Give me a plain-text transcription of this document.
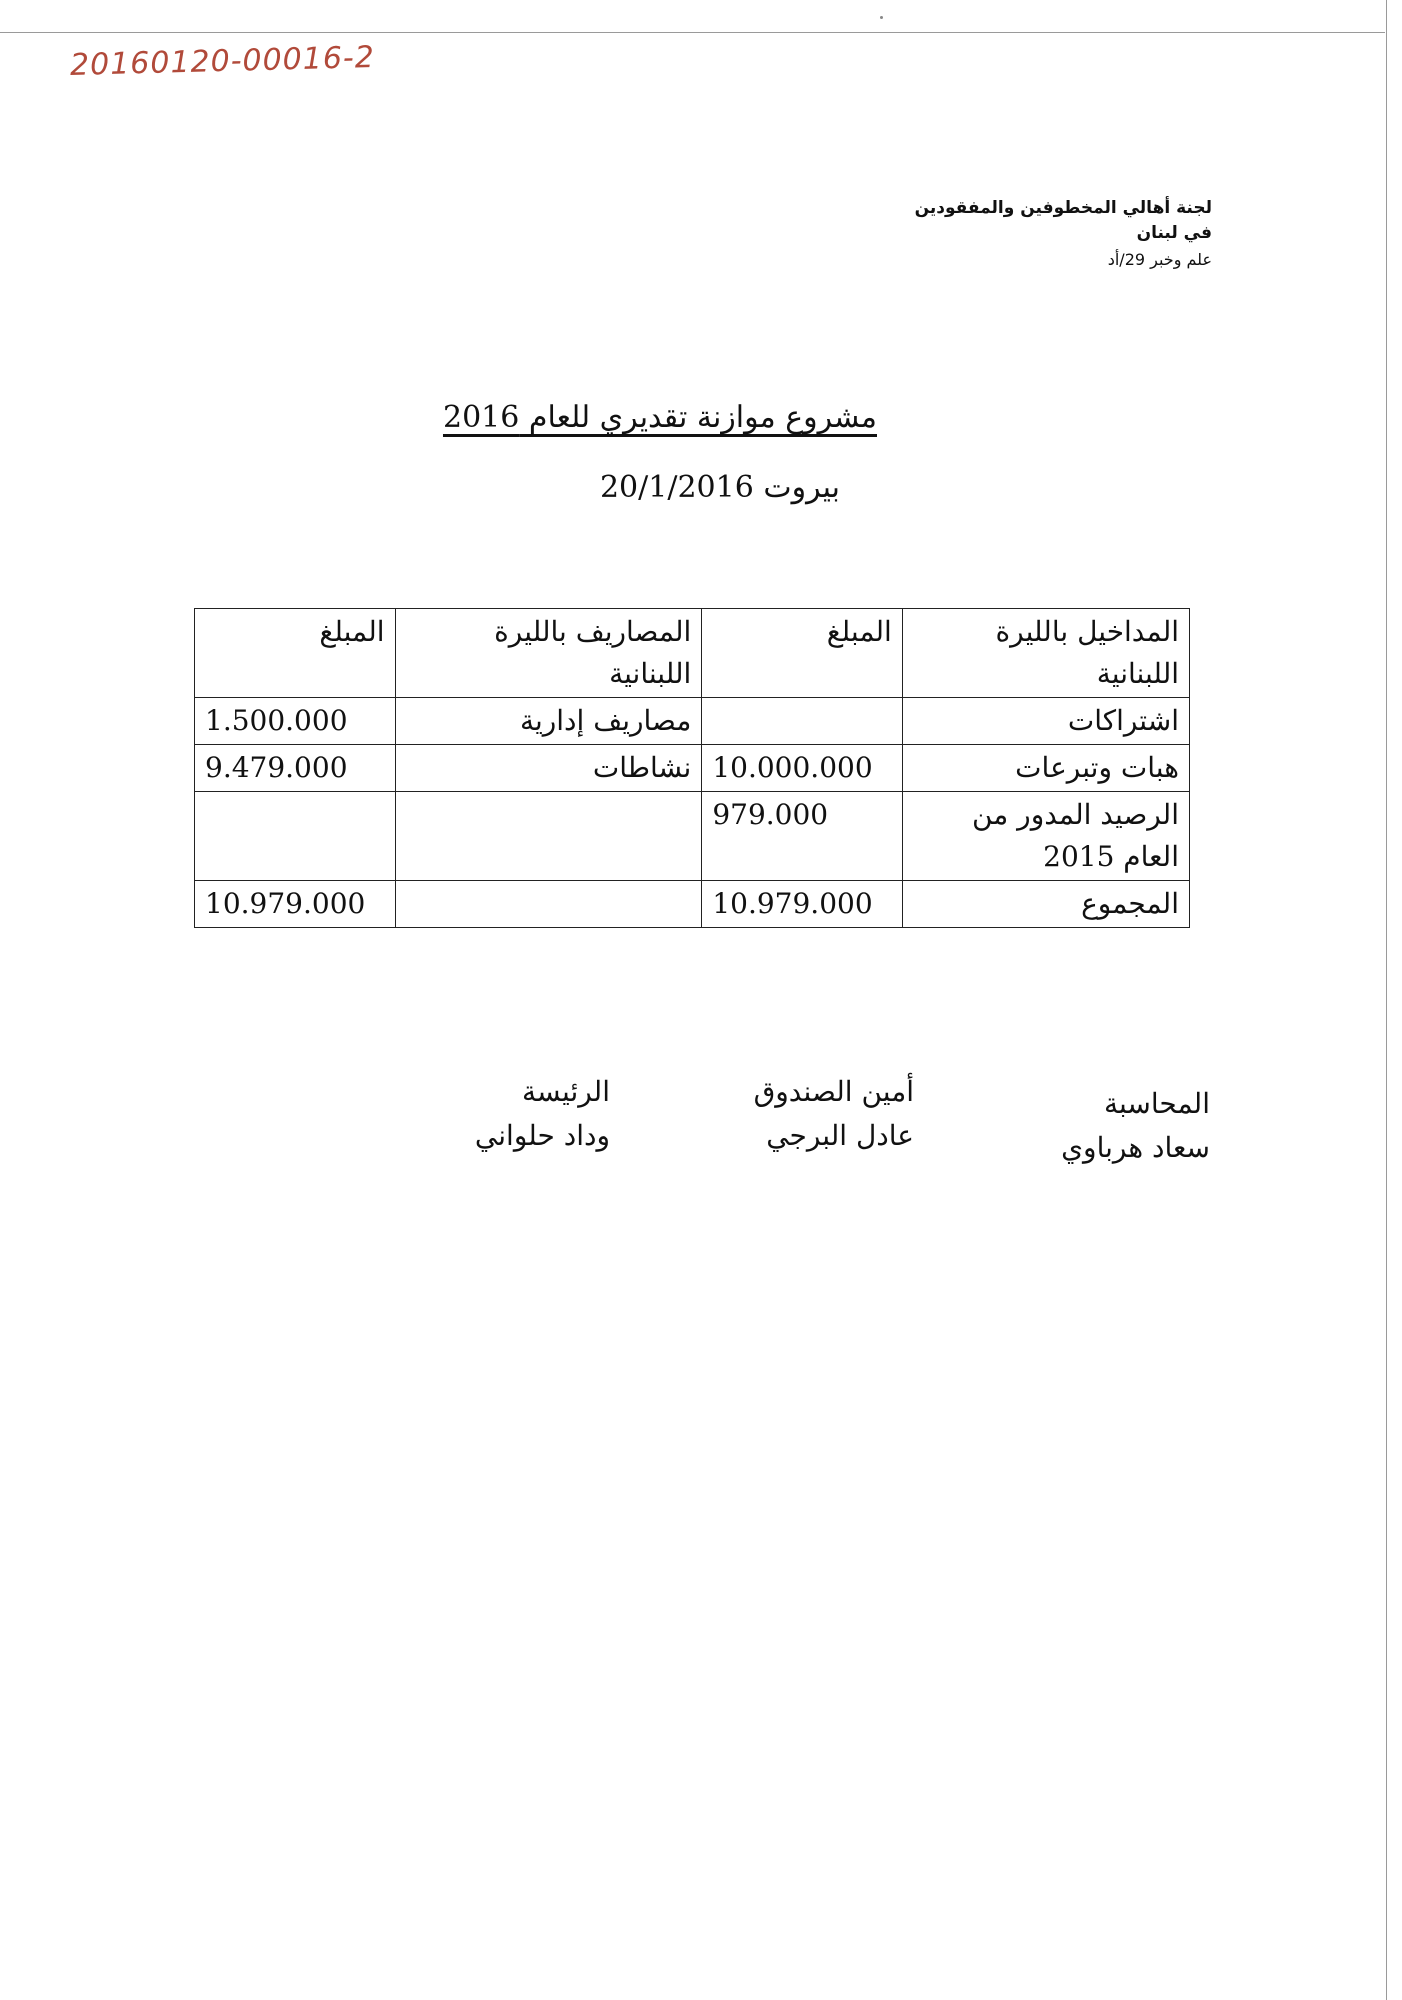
20160120-00016-2
لجنة أهالي المخطوفين والمفقودين
في لبنان
علم وخبر 29/أد
مشروع موازنة تقديري للعام 2016
بيروت 20/1/2016
المداخيل بالليرة اللبنانية	المبلغ	المصاريف بالليرة اللبنانية	المبلغ
اشتراكات		مصاريف إدارية	1.500.000
هبات وتبرعات	10.000.000	نشاطات	9.479.000
الرصيد المدور من العام 2015	979.000		
المجموع	10.979.000		10.979.000
المحاسبة
سعاد هرباوي
أمين الصندوق
عادل البرجي
الرئيسة
وداد حلواني
